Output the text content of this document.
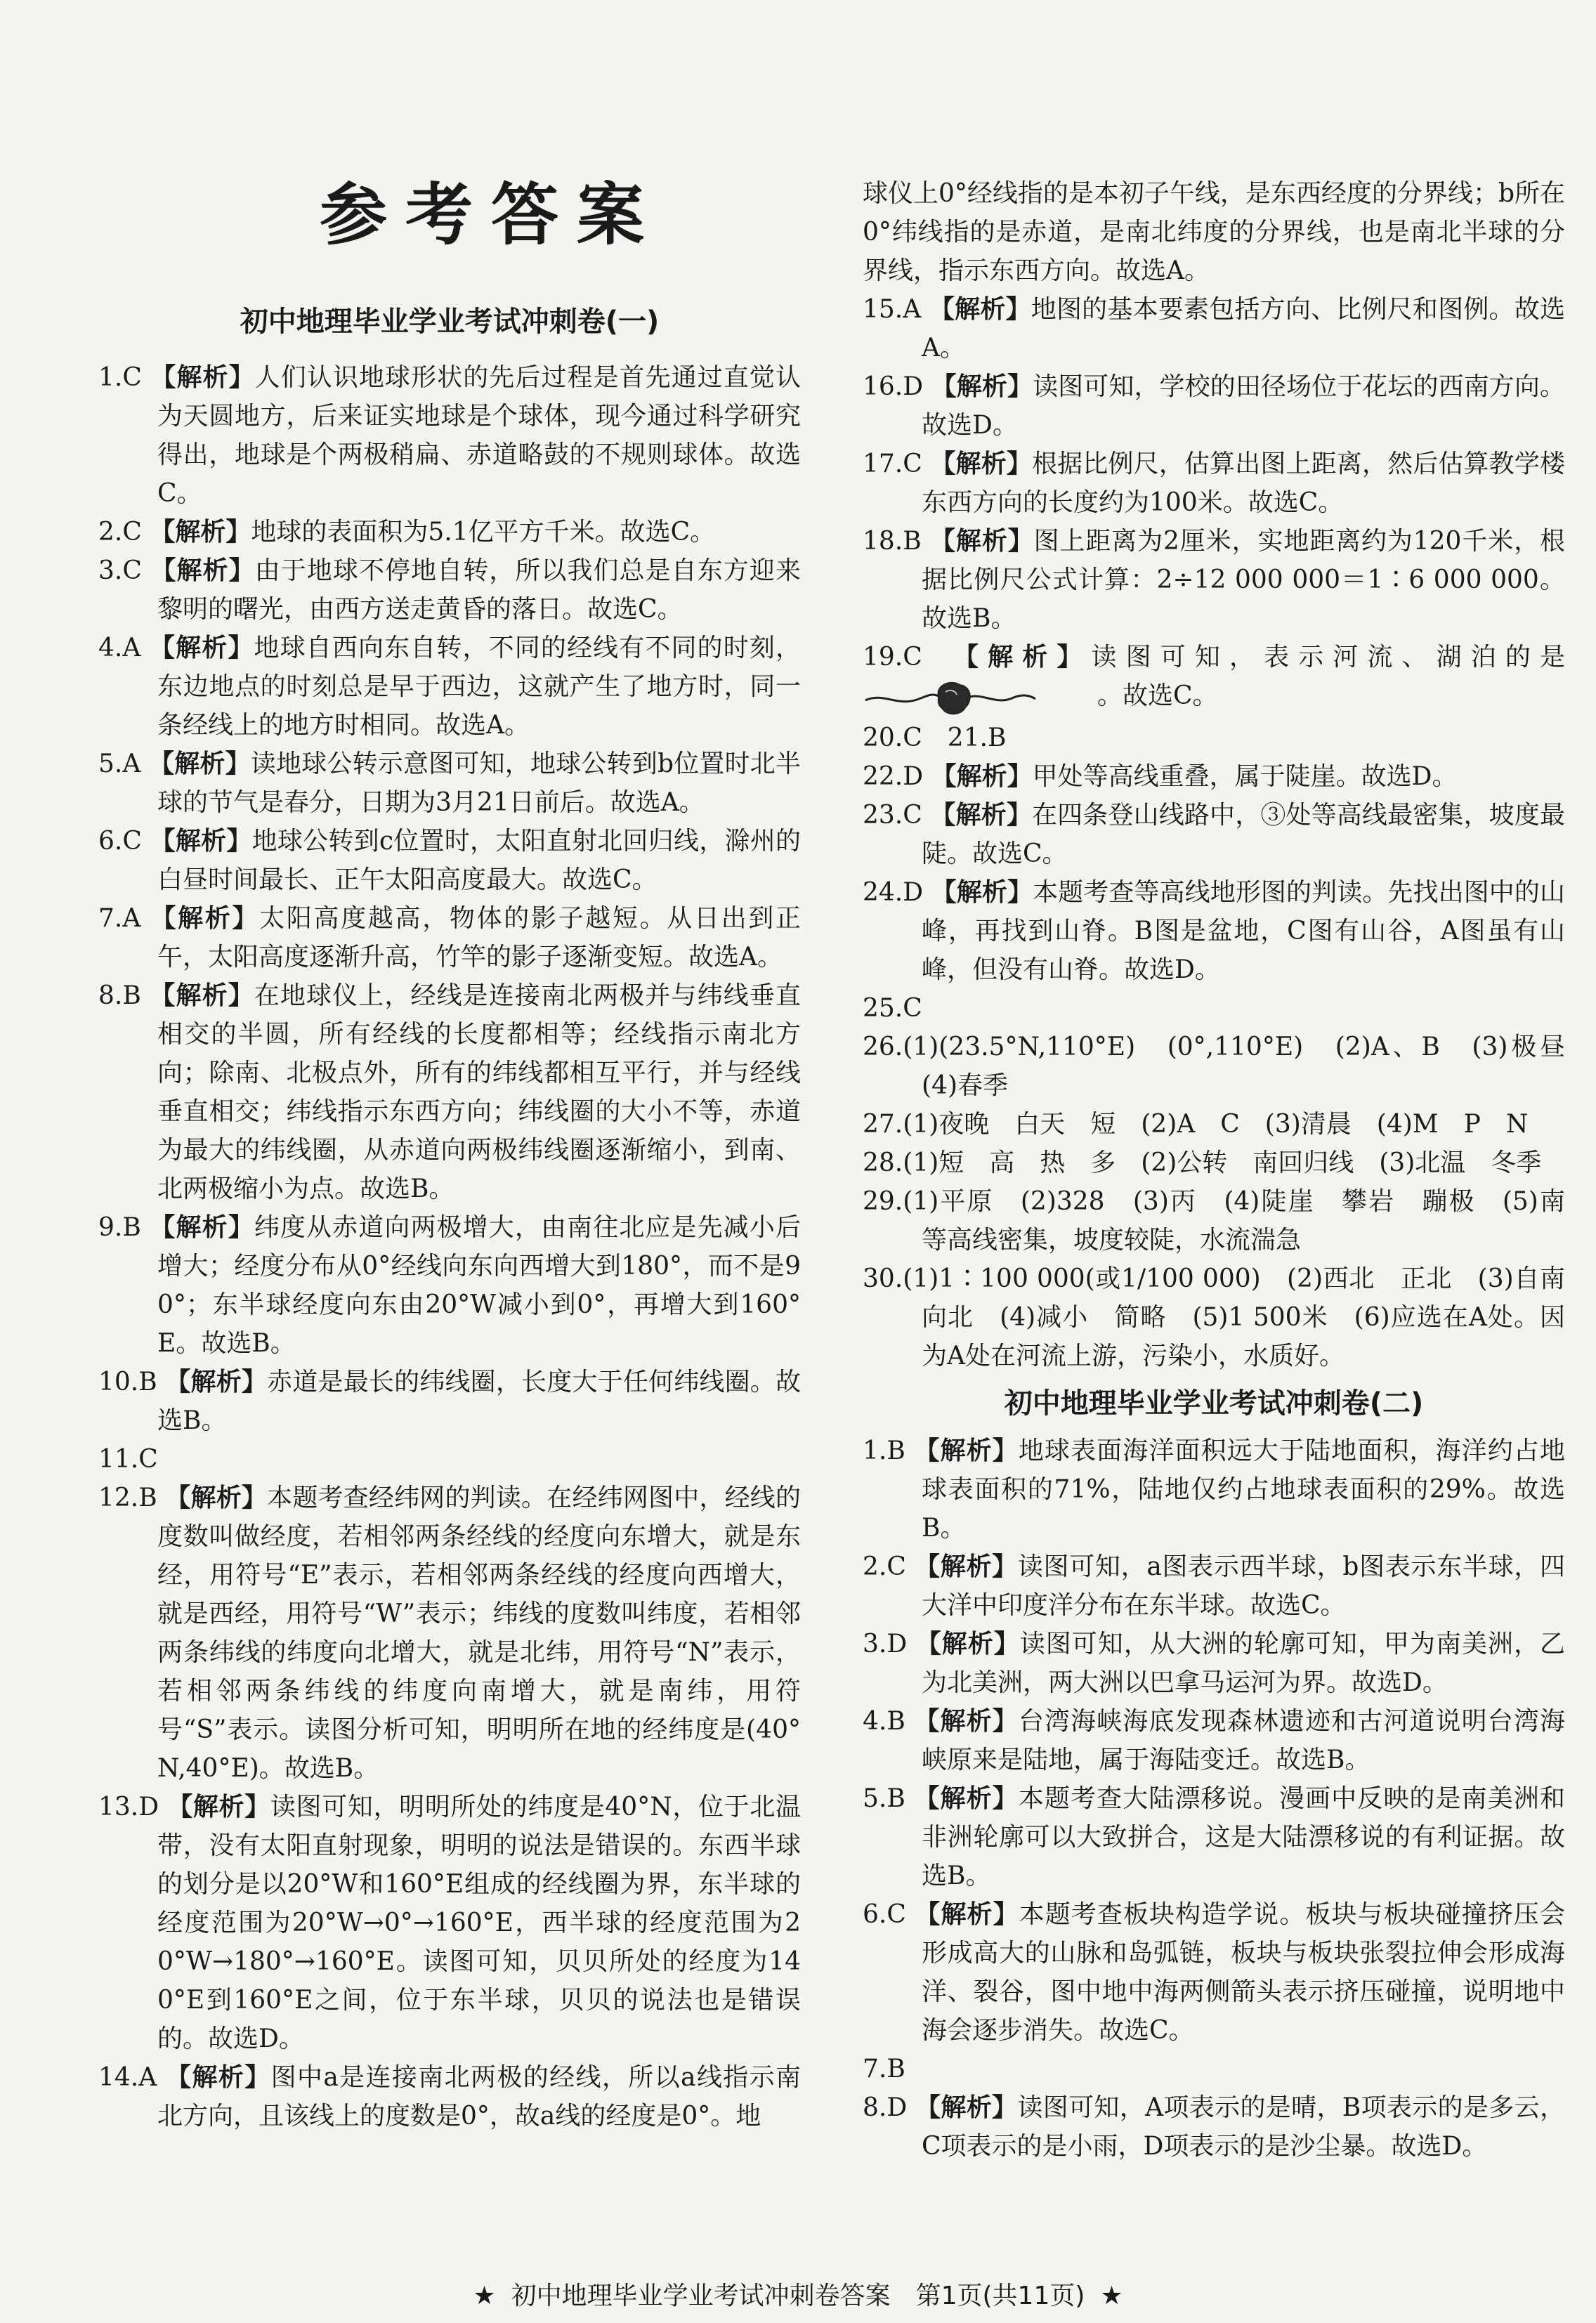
参考答案

初中地理毕业学业考试冲刺卷(一)

1.C 【解析】人们认识地球形状的先后过程是首先通过直觉认为天圆地方，后来证实地球是个球体，现今通过科学研究得出，地球是个两极稍扁、赤道略鼓的不规则球体。故选C。

2.C 【解析】地球的表面积为5.1亿平方千米。故选C。

3.C 【解析】由于地球不停地自转，所以我们总是自东方迎来黎明的曙光，由西方送走黄昏的落日。故选C。

4.A 【解析】地球自西向东自转，不同的经线有不同的时刻，东边地点的时刻总是早于西边，这就产生了地方时，同一条经线上的地方时相同。故选A。

5.A 【解析】读地球公转示意图可知，地球公转到b位置时北半球的节气是春分，日期为3月21日前后。故选A。

6.C 【解析】地球公转到c位置时，太阳直射北回归线，滁州的白昼时间最长、正午太阳高度最大。故选C。

7.A 【解析】太阳高度越高，物体的影子越短。从日出到正午，太阳高度逐渐升高，竹竿的影子逐渐变短。故选A。

8.B 【解析】在地球仪上，经线是连接南北两极并与纬线垂直相交的半圆，所有经线的长度都相等；经线指示南北方向；除南、北极点外，所有的纬线都相互平行，并与经线垂直相交；纬线指示东西方向；纬线圈的大小不等，赤道为最大的纬线圈，从赤道向两极纬线圈逐渐缩小，到南、北两极缩小为点。故选B。

9.B 【解析】纬度从赤道向两极增大，由南往北应是先减小后增大；经度分布从0°经线向东向西增大到180°，而不是90°；东半球经度向东由20°W减小到0°，再增大到160°E。故选B。

10.B 【解析】赤道是最长的纬线圈，长度大于任何纬线圈。故选B。

11.C

12.B 【解析】本题考查经纬网的判读。在经纬网图中，经线的度数叫做经度，若相邻两条经线的经度向东增大，就是东经，用符号“E”表示，若相邻两条经线的经度向西增大，就是西经，用符号“W”表示；纬线的度数叫纬度，若相邻两条纬线的纬度向北增大，就是北纬，用符号“N”表示，若相邻两条纬线的纬度向南增大，就是南纬，用符号“S”表示。读图分析可知，明明所在地的经纬度是(40°N,40°E)。故选B。

13.D 【解析】读图可知，明明所处的纬度是40°N，位于北温带，没有太阳直射现象，明明的说法是错误的。东西半球的划分是以20°W和160°E组成的经线圈为界，东半球的经度范围为20°W→0°→160°E，西半球的经度范围为20°W→180°→160°E。读图可知，贝贝所处的经度为140°E到160°E之间，位于东半球，贝贝的说法也是错误的。故选D。

14.A 【解析】图中a是连接南北两极的经线，所以a线指示南北方向，且该线上的度数是0°，故a线的经度是0°。地

球仪上0°经线指的是本初子午线，是东西经度的分界线；b所在0°纬线指的是赤道，是南北纬度的分界线，也是南北半球的分界线，指示东西方向。故选A。

15.A 【解析】地图的基本要素包括方向、比例尺和图例。故选A。

16.D 【解析】读图可知，学校的田径场位于花坛的西南方向。故选D。

17.C 【解析】根据比例尺，估算出图上距离，然后估算教学楼东西方向的长度约为100米。故选C。

18.B 【解析】图上距离为2厘米，实地距离约为120千米，根据比例尺公式计算：2÷12 000 000＝1∶6 000 000。故选B。

19.C　 【解析】读图可知，表示河流、湖泊的是 。故选C。

20.C　21.B

22.D 【解析】甲处等高线重叠，属于陡崖。故选D。

23.C 【解析】在四条登山线路中，③处等高线最密集，坡度最陡。故选C。

24.D 【解析】本题考查等高线地形图的判读。先找出图中的山峰，再找到山脊。B图是盆地，C图有山谷，A图虽有山峰，但没有山脊。故选D。

25.C

26.(1)(23.5°N,110°E)　(0°,110°E)　(2)A、B　(3)极昼　(4)春季

27.(1)夜晚　白天　短　(2)A　C　(3)清晨　(4)M　P　N

28.(1)短　高　热　多　(2)公转　南回归线　(3)北温　冬季

29.(1)平原　(2)328　(3)丙　(4)陡崖　攀岩　蹦极　(5)南　等高线密集，坡度较陡，水流湍急

30.(1)1∶100 000(或1/100 000)　(2)西北　正北　(3)自南向北　(4)减小　简略　(5)1 500米　(6)应选在A处。因为A处在河流上游，污染小，水质好。

初中地理毕业学业考试冲刺卷(二)

1.B 【解析】地球表面海洋面积远大于陆地面积，海洋约占地球表面积的71%，陆地仅约占地球表面积的29%。故选B。

2.C 【解析】读图可知，a图表示西半球，b图表示东半球，四大洋中印度洋分布在东半球。故选C。

3.D 【解析】读图可知，从大洲的轮廓可知，甲为南美洲，乙为北美洲，两大洲以巴拿马运河为界。故选D。

4.B 【解析】台湾海峡海底发现森林遗迹和古河道说明台湾海峡原来是陆地，属于海陆变迁。故选B。

5.B 【解析】本题考查大陆漂移说。漫画中反映的是南美洲和非洲轮廓可以大致拼合，这是大陆漂移说的有利证据。故选B。

6.C 【解析】本题考查板块构造学说。板块与板块碰撞挤压会形成高大的山脉和岛弧链，板块与板块张裂拉伸会形成海洋、裂谷，图中地中海两侧箭头表示挤压碰撞，说明地中海会逐步消失。故选C。

7.B

8.D 【解析】读图可知，A项表示的是晴，B项表示的是多云，C项表示的是小雨，D项表示的是沙尘暴。故选D。

★ 初中地理毕业学业考试冲刺卷答案　第1页(共11页) ★
